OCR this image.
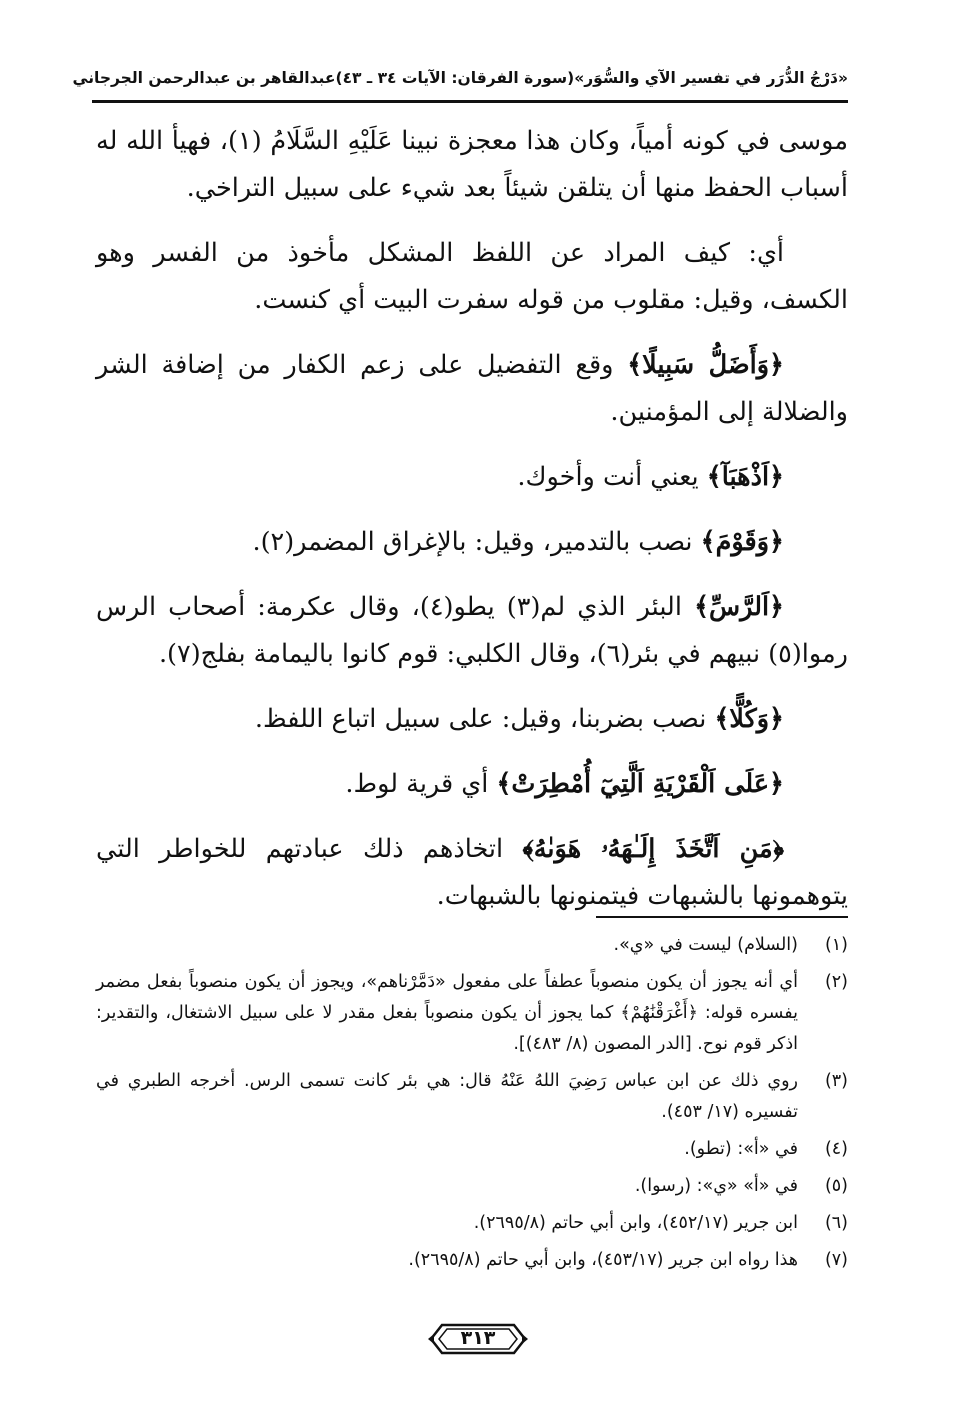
«دَرْجُ الدُّرَر في تفسير الآي والسُّوَر»
(سورة الفرقان: الآيات ٣٤ ـ ٤٣)
عبدالقاهر بن عبدالرحمن الجرجاني

موسى في كونه أمياً، وكان هذا معجزة نبينا عَلَيْهِ السَّلَامُ (١)، فهيأ الله له أسباب الحفظ منها أن يتلقن شيئاً بعد شيء على سبيل التراخي.

أي: كيف المراد عن اللفظ المشكل مأخوذ من الفسر وهو الكسف، وقيل: مقلوب من قوله سفرت البيت أي كنست.

﴿وَأَضَلُّ سَبِيلًا﴾ وقع التفضيل على زعم الكفار من إضافة الشر والضلالة إلى المؤمنين.

﴿اَذْهَبَآ﴾ يعني أنت وأخوك.

﴿وَقَوْمَ﴾ نصب بالتدمير، وقيل: بالإغراق المضمر(٢).

﴿اَلرَّسِّ﴾ البئر الذي لم(٣) يطو(٤)، وقال عكرمة: أصحاب الرس رموا(٥) نبيهم في بئر(٦)، وقال الكلبي: قوم كانوا باليمامة بفلج(٧).

﴿وَكُلًّا﴾ نصب بضربنا، وقيل: على سبيل اتباع اللفظ.

﴿عَلَى اَلْقَرْيَةِ اَلَّتِيٓ أُمْطِرَتْ﴾ أي قرية لوط.

﴿مَنِ اَتَّخَذَ إِلَـٰهَهُۥ هَوَىٰهُ﴾ اتخاذهم ذلك عبادتهم للخواطر التي يتوهمونها بالشبهات فيتمنونها بالشبهات.

(١)
(السلام) ليست في «ي».
(٢)
أي أنه يجوز أن يكون منصوباً عطفاً على مفعول «دَمَّرْناهم»، ويجوز أن يكون منصوباً بفعل مضمر يفسره قوله: ﴿أَغْرَقْنَٰهُمْ﴾ كما يجوز أن يكون منصوباً بفعل مقدر لا على سبيل الاشتغال، والتقدير: اذكر قوم نوح. [الدر المصون (٨/ ٤٨٣)].
(٣)
روي ذلك عن ابن عباس رَضِيَ اللهُ عَنْهُ قال: هي بئر كانت تسمى الرس. أخرجه الطبري في تفسيره (١٧/ ٤٥٣).
(٤)
في «أ»: (تطو).
(٥)
في «أ» «ي»: (رسوا).
(٦)
ابن جرير (٤٥٢/١٧)، وابن أبي حاتم (٢٦٩٥/٨).
(٧)
هذا رواه ابن جرير (٤٥٣/١٧)، وابن أبي حاتم (٢٦٩٥/٨).
٣١٣
